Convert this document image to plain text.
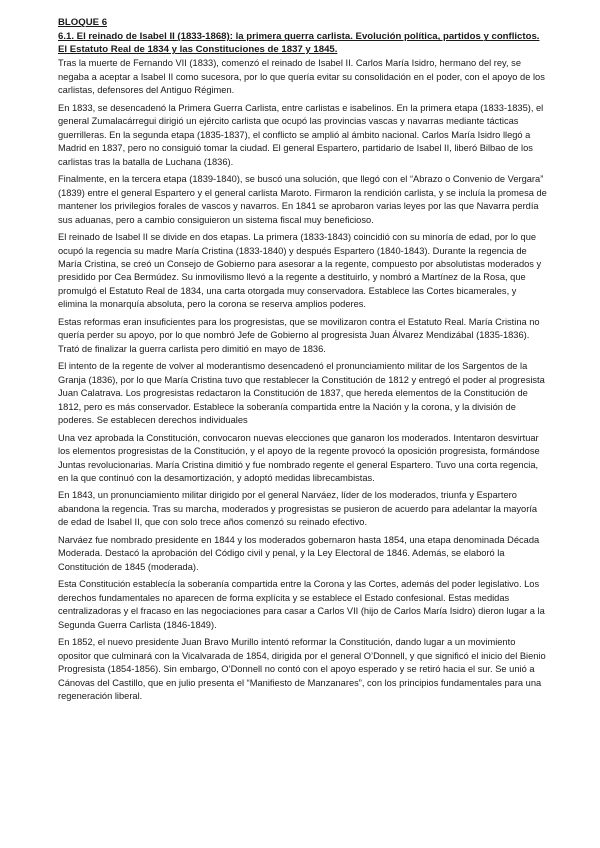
BLOQUE 6
6.1. El reinado de Isabel II (1833-1868): la primera guerra carlista. Evolución política, partidos y conflictos. El Estatuto Real de 1834 y las Constituciones de 1837 y 1845.

Tras la muerte de Fernando VII (1833), comenzó el reinado de Isabel II. Carlos María Isidro, hermano del rey, se negaba a aceptar a Isabel II como sucesora, por lo que quería evitar su consolidación en el poder, con el apoyo de los carlistas, defensores del Antiguo Régimen.

En 1833, se desencadenó la Primera Guerra Carlista, entre carlistas e isabelinos. En la primera etapa (1833-1835), el general Zumalacárregui dirigió un ejército carlista que ocupó las provincias vascas y navarras mediante tácticas guerrilleras. En la segunda etapa (1835-1837), el conflicto se amplió al ámbito nacional. Carlos María Isidro llegó a Madrid en 1837, pero no consiguió tomar la ciudad. El general Espartero, partidario de Isabel II, liberó Bilbao de los carlistas tras la batalla de Luchana (1836).

Finalmente, en la tercera etapa (1839-1840), se buscó una solución, que llegó con el “Abrazo o Convenio de Vergara” (1839) entre el general Espartero y el general carlista Maroto. Firmaron la rendición carlista, y se incluía la promesa de mantener los privilegios forales de vascos y navarros. En 1841 se aprobaron varias leyes por las que Navarra perdía sus aduanas, pero a cambio consiguieron un sistema fiscal muy beneficioso.

El reinado de Isabel II se divide en dos etapas. La primera (1833-1843) coincidió con su minoría de edad, por lo que ocupó la regencia su madre María Cristina (1833-1840) y después Espartero (1840-1843). Durante la regencia de María Cristina, se creó un Consejo de Gobierno para asesorar a la regente, compuesto por absolutistas moderados y presidido por Cea Bermúdez. Su inmovilismo llevó a la regente a destituirlo, y nombró a Martínez de la Rosa, que promulgó el Estatuto Real de 1834, una carta otorgada muy conservadora. Establece las Cortes bicamerales, y elimina la monarquía absoluta, pero la corona se reserva amplios poderes.

Estas reformas eran insuficientes para los progresistas, que se movilizaron contra el Estatuto Real. María Cristina no quería perder su apoyo, por lo que nombró Jefe de Gobierno al progresista Juan Álvarez Mendizábal (1835-1836). Trató de finalizar la guerra carlista pero dimitió en mayo de 1836.

El intento de la regente de volver al moderantismo desencadenó el pronunciamiento militar de los Sargentos de la Granja (1836), por lo que María Cristina tuvo que restablecer la Constitución de 1812 y entregó el poder al progresista Juan Calatrava. Los progresistas redactaron la Constitución de 1837, que hereda elementos de la Constitución de 1812, pero es más conservador. Establece la soberanía compartida entre la Nación y la corona, y la división de poderes. Se establecen derechos individuales

Una vez aprobada la Constitución, convocaron nuevas elecciones que ganaron los moderados. Intentaron desvirtuar los elementos progresistas de la Constitución, y el apoyo de la regente provocó la oposición progresista, formándose Juntas revolucionarias. María Cristina dimitió y fue nombrado regente el general Espartero. Tuvo una corta regencia, en la que continuó con la desamortización, y adoptó medidas librecambistas.

En 1843, un pronunciamiento militar dirigido por el general Narváez, líder de los moderados, triunfa y Espartero abandona la regencia. Tras su marcha, moderados y progresistas se pusieron de acuerdo para adelantar la mayoría de edad de Isabel II, que con solo trece años comenzó su reinado efectivo.

Narváez fue nombrado presidente en 1844 y los moderados gobernaron hasta 1854, una etapa denominada Década Moderada. Destacó la aprobación del Código civil y penal, y la Ley Electoral de 1846. Además, se elaboró la Constitución de 1845 (moderada).

Esta Constitución establecía la soberanía compartida entre la Corona y las Cortes, además del poder legislativo. Los derechos fundamentales no aparecen de forma explícita y se establece el Estado confesional. Estas medidas centralizadoras y el fracaso en las negociaciones para casar a Carlos VII (hijo de Carlos María Isidro) dieron lugar a la Segunda Guerra Carlista (1846-1849).

En 1852, el nuevo presidente Juan Bravo Murillo intentó reformar la Constitución, dando lugar a un movimiento opositor que culminará con la Vicalvarada de 1854, dirigida por el general O’Donnell, y que significó el inicio del Bienio Progresista (1854-1856). Sin embargo, O’Donnell no contó con el apoyo esperado y se retiró hacia el sur. Se unió a Cánovas del Castillo, que en julio presenta el “Manifiesto de Manzanares”, con los principios fundamentales para una regeneración liberal.
